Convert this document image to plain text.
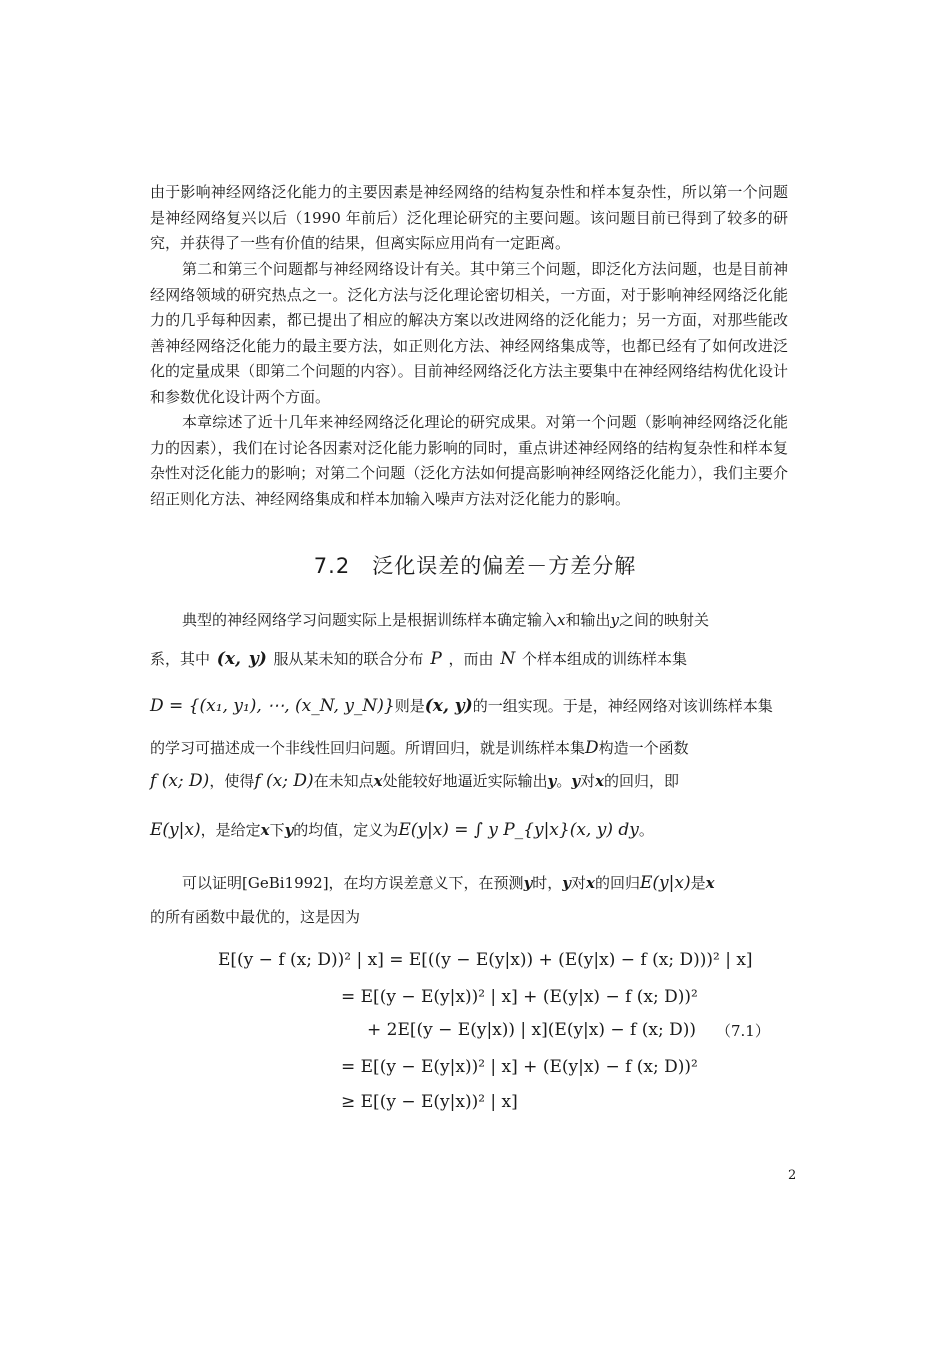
由于影响神经网络泛化能力的主要因素是神经网络的结构复杂性和样本复杂性，所以第一个问题是神经网络复兴以后（1990 年前后）泛化理论研究的主要问题。该问题目前已得到了较多的研究，并获得了一些有价值的结果，但离实际应用尚有一定距离。

第二和第三个问题都与神经网络设计有关。其中第三个问题，即泛化方法问题，也是目前神经网络领域的研究热点之一。泛化方法与泛化理论密切相关，一方面，对于影响神经网络泛化能力的几乎每种因素，都已提出了相应的解决方案以改进网络的泛化能力；另一方面，对那些能改善神经网络泛化能力的最主要方法，如正则化方法、神经网络集成等，也都已经有了如何改进泛化的定量成果（即第二个问题的内容）。目前神经网络泛化方法主要集中在神经网络结构优化设计和参数优化设计两个方面。

本章综述了近十几年来神经网络泛化理论的研究成果。对第一个问题（影响神经网络泛化能力的因素），我们在讨论各因素对泛化能力影响的同时，重点讲述神经网络的结构复杂性和样本复杂性对泛化能力的影响；对第二个问题（泛化方法如何提高影响神经网络泛化能力），我们主要介绍正则化方法、神经网络集成和样本加输入噪声方法对泛化能力的影响。

7.2 泛化误差的偏差－方差分解

典型的神经网络学习问题实际上是根据训练样本确定输入x和输出y之间的映射关

系，其中 (x, y) 服从某未知的联合分布 P ，而由 N 个样本组成的训练样本集

D = {(x₁, y₁), ⋯, (x_N, y_N)}则是(x, y)的一组实现。于是，神经网络对该训练样本集

的学习可描述成一个非线性回归问题。所谓回归，就是训练样本集D构造一个函数

f (x; D)，使得f (x; D)在未知点x处能较好地逼近实际输出y。y对x的回归，即

E(y|x)，是给定x下y的均值，定义为E(y|x) = ∫ y P_{y|x}(x, y) dy。

可以证明[GeBi1992]，在均方误差意义下，在预测y时，y对x的回归E(y|x)是x

的所有函数中最优的，这是因为

E[(y − f (x; D))² | x] = E[((y − E(y|x)) + (E(y|x) − f (x; D)))² | x]
= E[(y − E(y|x))² | x] + (E(y|x) − f (x; D))²
+ 2E[(y − E(y|x)) | x](E(y|x) − f (x; D))
= E[(y − E(y|x))² | x] + (E(y|x) − f (x; D))²
≥ E[(y − E(y|x))² | x]
（7.1）
2
